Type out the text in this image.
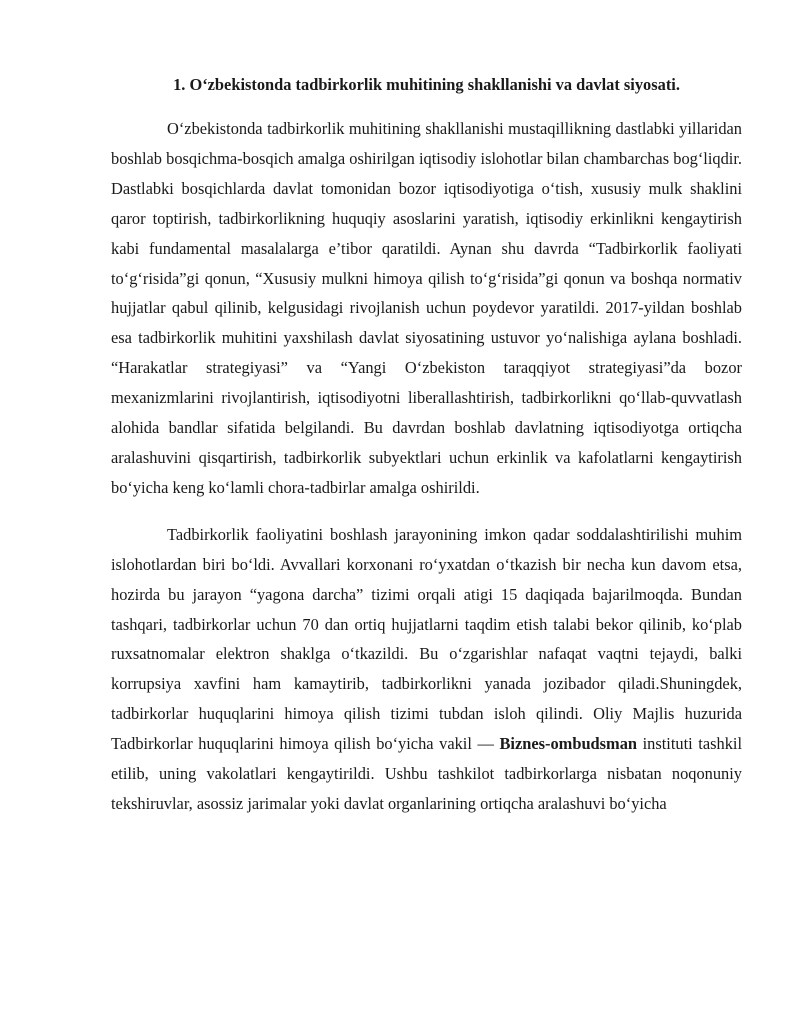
1. O‘zbekistonda tadbirkorlik muhitining shakllanishi va davlat siyosati.

O‘zbekistonda tadbirkorlik muhitining shakllanishi mustaqillikning dastlabki yillaridan boshlab bosqichma-bosqich amalga oshirilgan iqtisodiy islohotlar bilan chambarchas bog‘liqdir. Dastlabki bosqichlarda davlat tomonidan bozor iqtisodiyotiga o‘tish, xususiy mulk shaklini qaror toptirish, tadbirkorlikning huquqiy asoslarini yaratish, iqtisodiy erkinlikni kengaytirish kabi fundamental masalalarga e’tibor qaratildi. Aynan shu davrda “Tadbirkorlik faoliyati to‘g‘risida”gi qonun, “Xususiy mulkni himoya qilish to‘g‘risida”gi qonun va boshqa normativ hujjatlar qabul qilinib, kelgusidagi rivojlanish uchun poydevor yaratildi. 2017-yildan boshlab esa tadbirkorlik muhitini yaxshilash davlat siyosatining ustuvor yo‘nalishiga aylana boshladi. “Harakatlar strategiyasi” va “Yangi O‘zbekiston taraqqiyot strategiyasi”da bozor mexanizmlarini rivojlantirish, iqtisodiyotni liberallashtirish, tadbirkorlikni qo‘llab-quvvatlash alohida bandlar sifatida belgilandi. Bu davrdan boshlab davlatning iqtisodiyotga ortiqcha aralashuvini qisqartirish, tadbirkorlik subyektlari uchun erkinlik va kafolatlarni kengaytirish bo‘yicha keng ko‘lamli chora-tadbirlar amalga oshirildi.

Tadbirkorlik faoliyatini boshlash jarayonining imkon qadar soddalashtirilishi muhim islohotlardan biri bo‘ldi. Avvallari korxonani ro‘yxatdan o‘tkazish bir necha kun davom etsa, hozirda bu jarayon “yagona darcha” tizimi orqali atigi 15 daqiqada bajarilmoqda. Bundan tashqari, tadbirkorlar uchun 70 dan ortiq hujjatlarni taqdim etish talabi bekor qilinib, ko‘plab ruxsatnomalar elektron shaklga o‘tkazildi. Bu o‘zgarishlar nafaqat vaqtni tejaydi, balki korrupsiya xavfini ham kamaytirib, tadbirkorlikni yanada jozibador qiladi.Shuningdek, tadbirkorlar huquqlarini himoya qilish tizimi tubdan isloh qilindi. Oliy Majlis huzurida Tadbirkorlar huquqlarini himoya qilish bo‘yicha vakil — Biznes-ombudsman instituti tashkil etilib, uning vakolatlari kengaytirildi. Ushbu tashkilot tadbirkorlarga nisbatan noqonuniy tekshiruvlar, asossiz jarimalar yoki davlat organlarining ortiqcha aralashuvi bo‘yicha
